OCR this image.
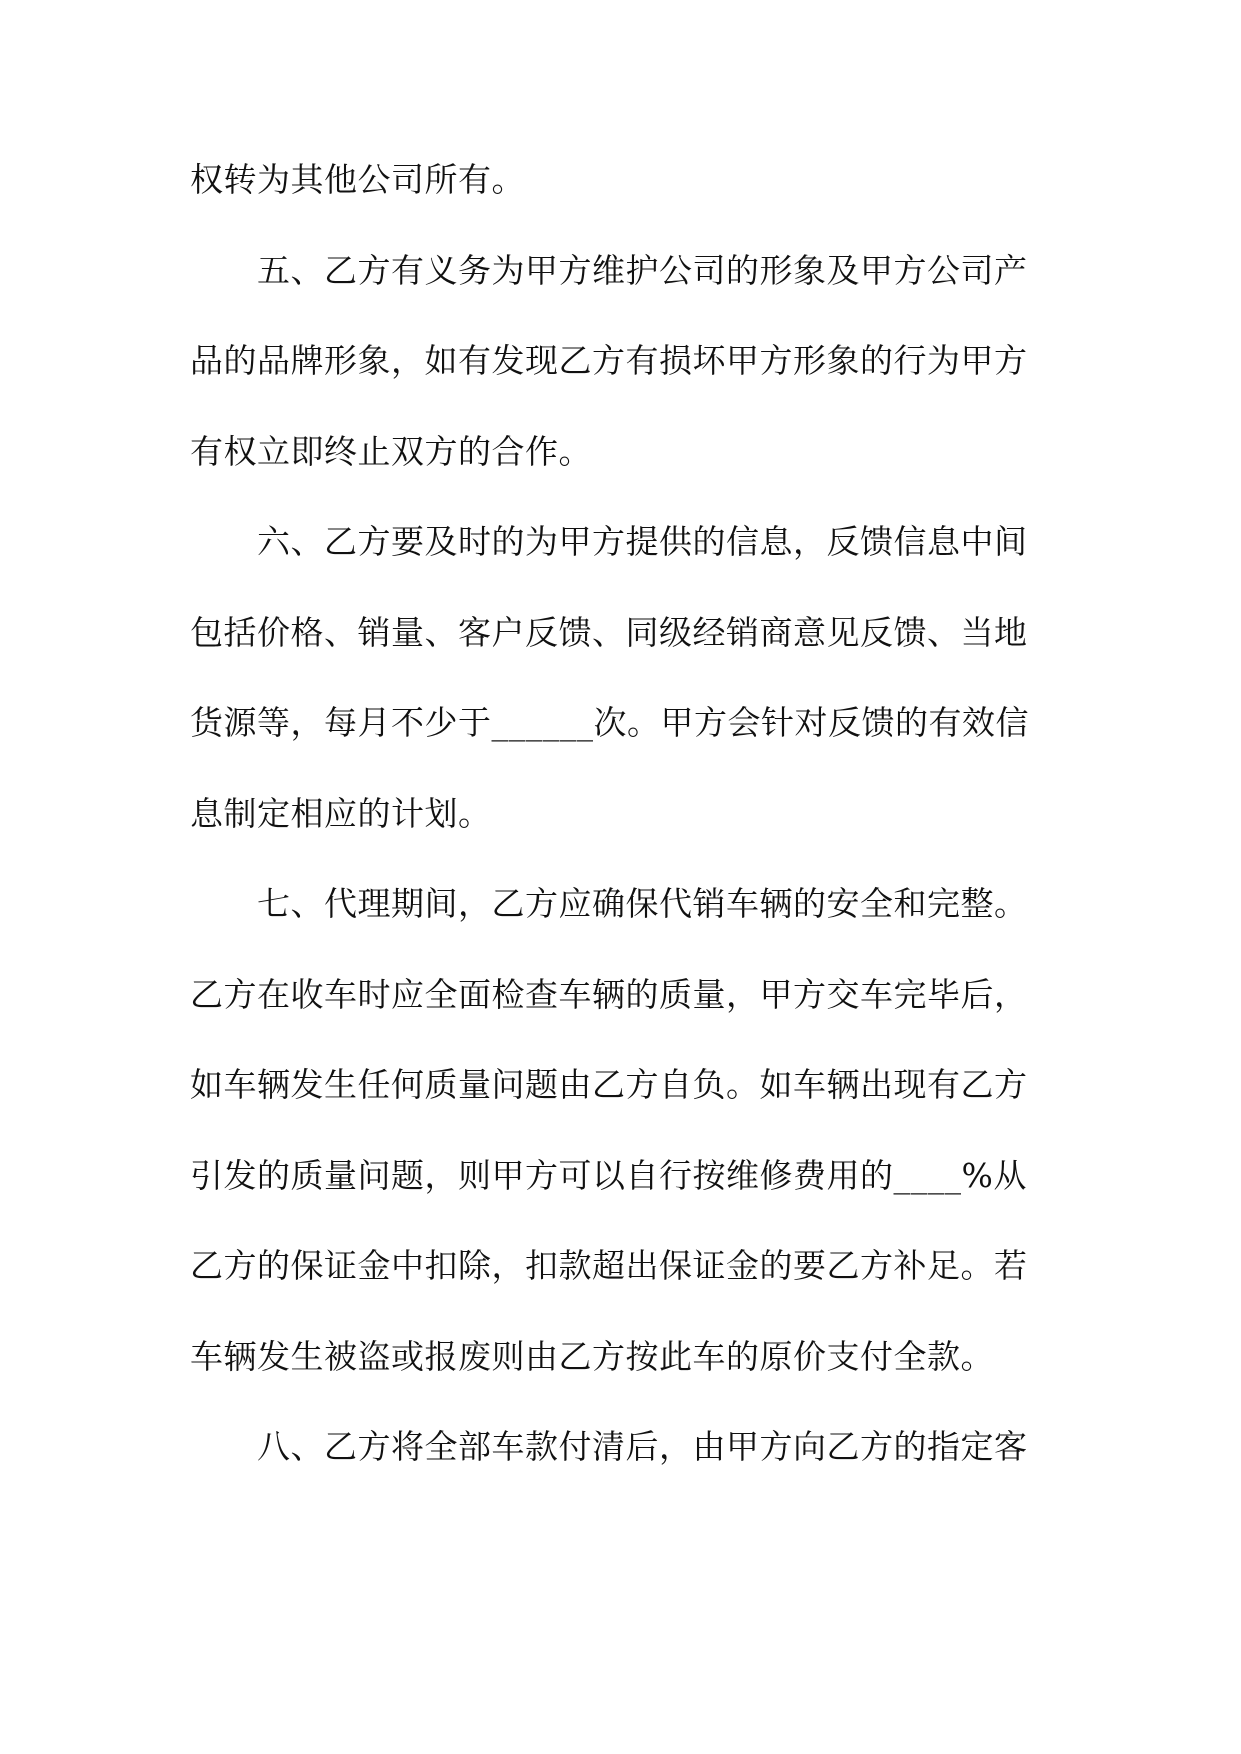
权转为其他公司所有。
五、乙方有义务为甲方维护公司的形象及甲方公司产
品的品牌形象，如有发现乙方有损坏甲方形象的行为甲方
有权立即终止双方的合作。
六、乙方要及时的为甲方提供的信息，反馈信息中间
包括价格、销量、客户反馈、同级经销商意见反馈、当地
货源等，每月不少于______次。甲方会针对反馈的有效信
息制定相应的计划。
七、代理期间，乙方应确保代销车辆的安全和完整。
乙方在收车时应全面检查车辆的质量，甲方交车完毕后，
如车辆发生任何质量问题由乙方自负。如车辆出现有乙方
引发的质量问题，则甲方可以自行按维修费用的____%从
乙方的保证金中扣除，扣款超出保证金的要乙方补足。若
车辆发生被盗或报废则由乙方按此车的原价支付全款。
八、乙方将全部车款付清后，由甲方向乙方的指定客
